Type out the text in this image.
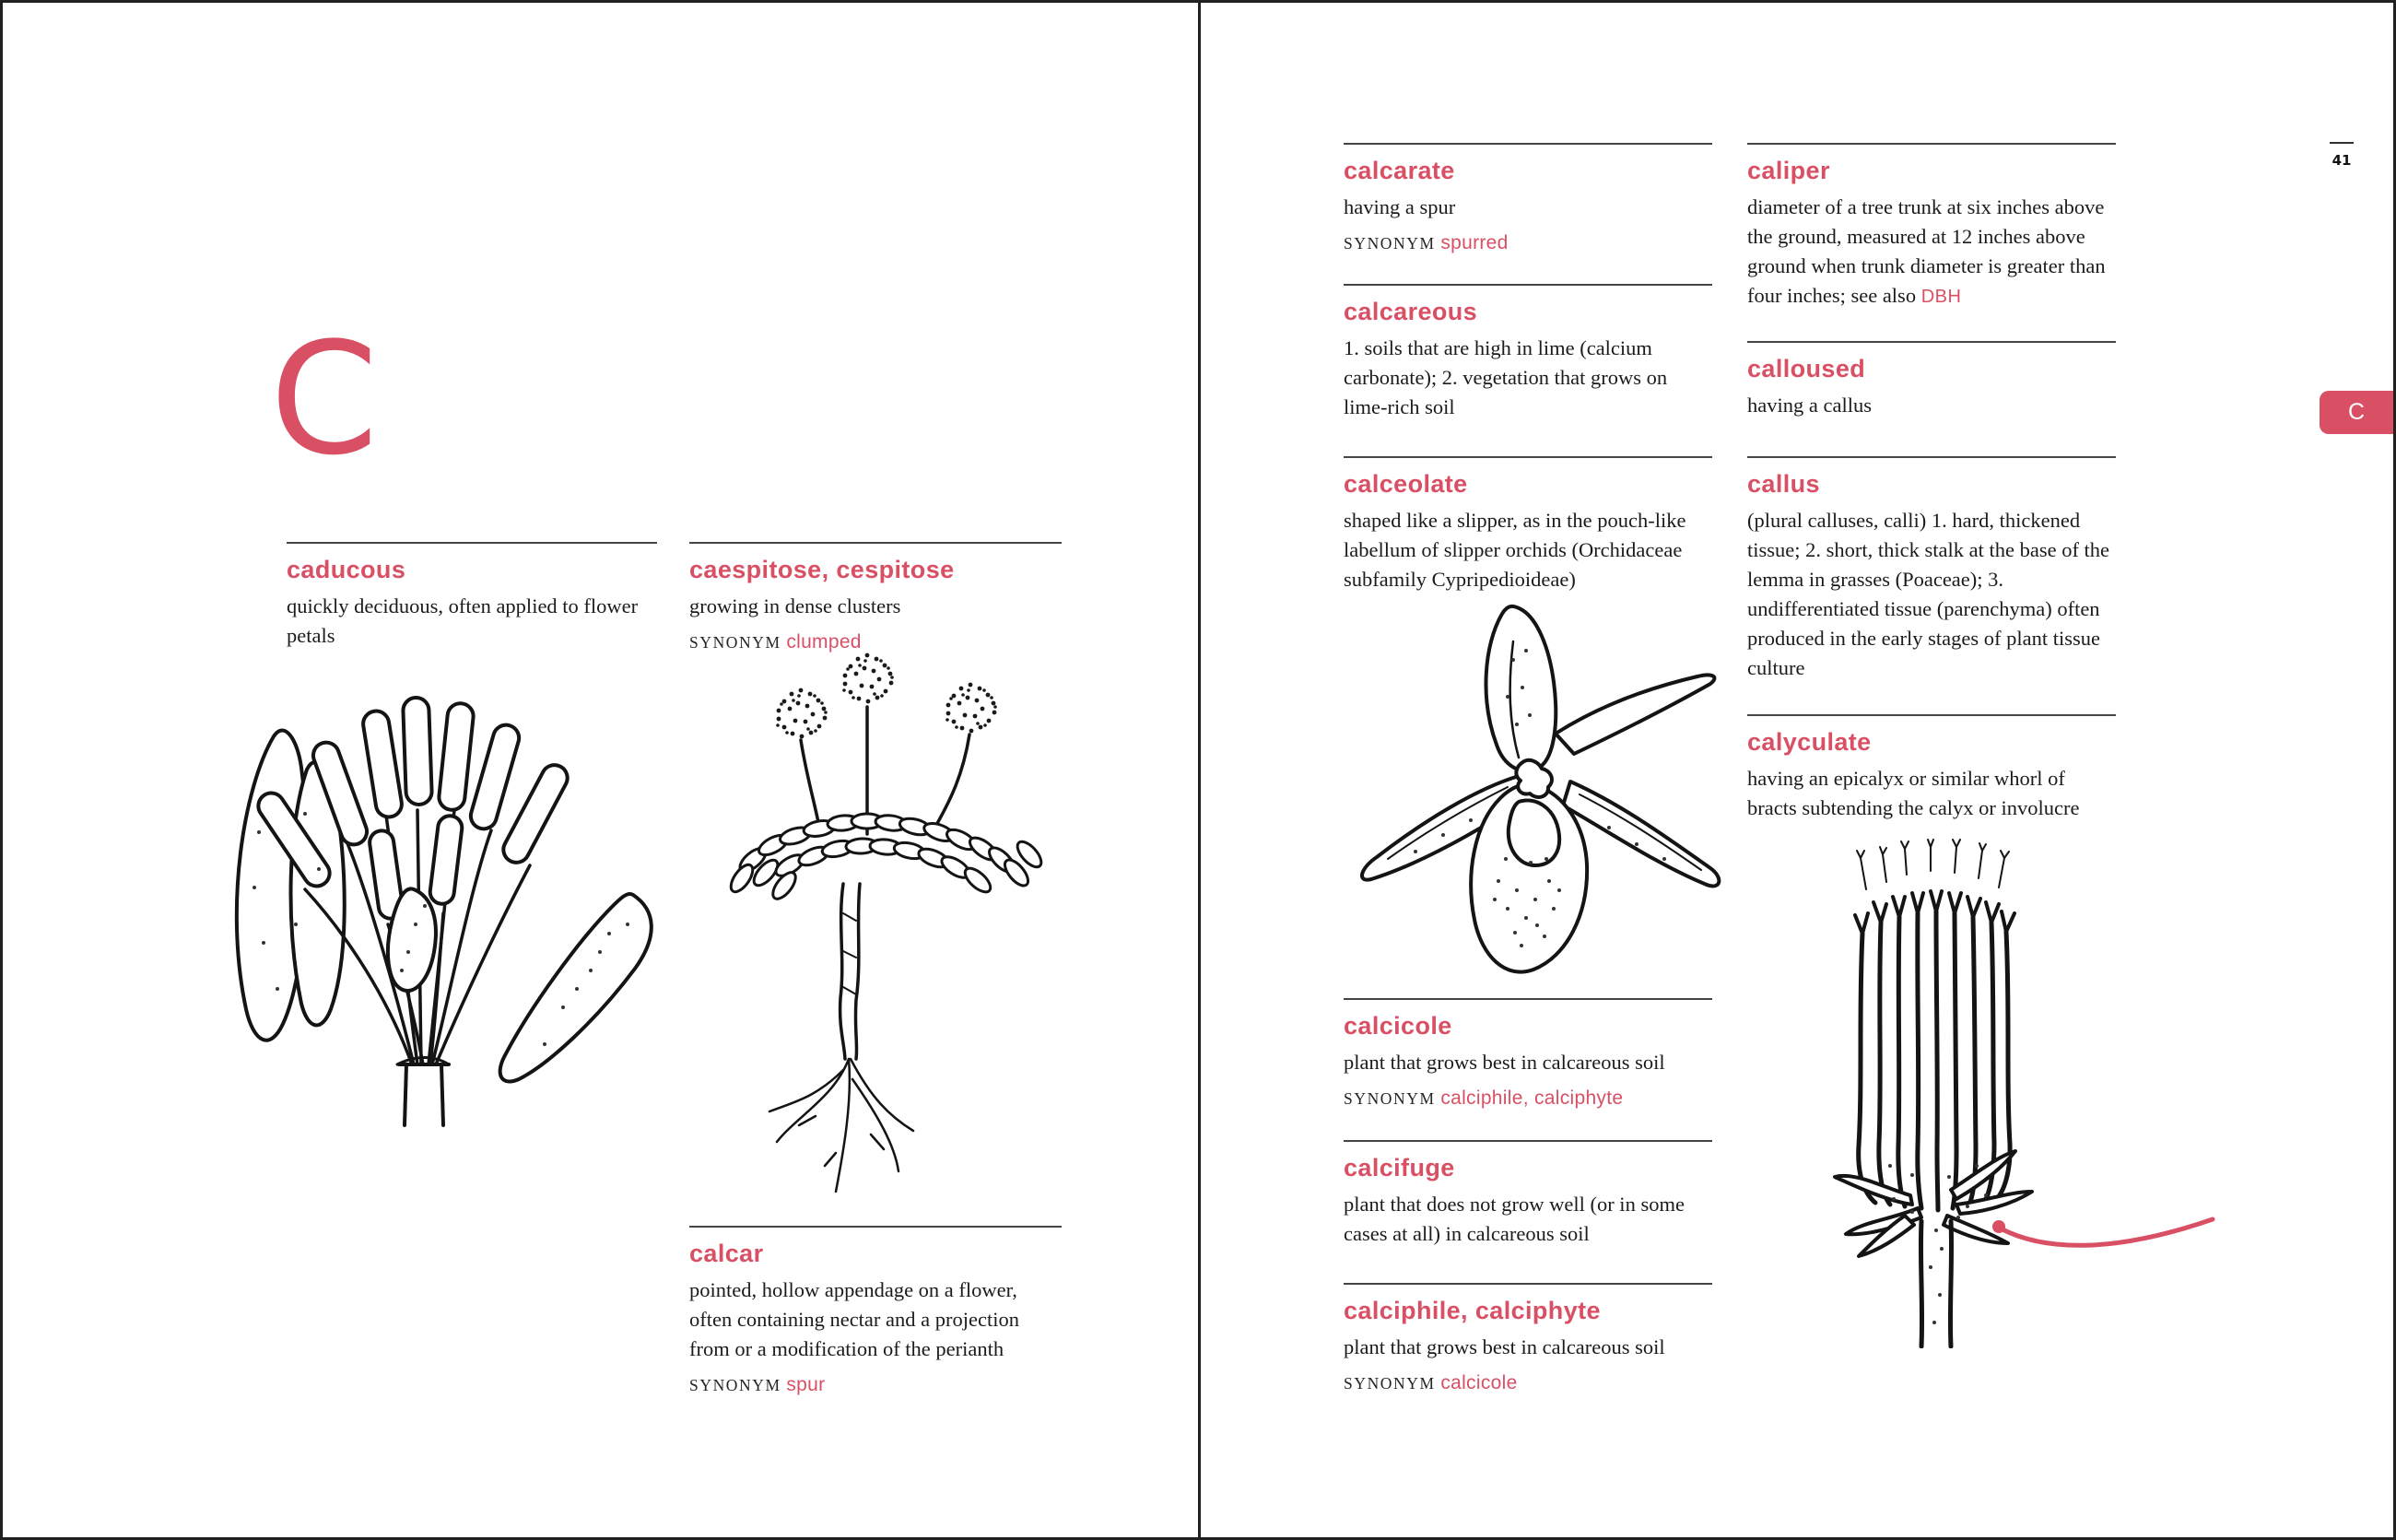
C
caducous

quickly deciduous, often applied to flower petals

caespitose, cespitose

growing in dense clusters

SYNONYM clumped

calcar

pointed, hollow appendage on a flower, often containing nectar and a projection from or a modification of the perianth

SYNONYM spur

calcarate

having a spur

SYNONYM spurred

calcareous

1. soils that are high in lime (calcium carbonate); 2. vegetation that grows on lime-rich soil

calceolate

shaped like a slipper, as in the pouch-like labellum of slipper orchids (Orchidaceae subfamily Cypripedioideae)

calcicole

plant that grows best in calcareous soil

SYNONYM calciphile, calciphyte

calcifuge

plant that does not grow well (or in some cases at all) in calcareous soil

calciphile, calciphyte

plant that grows best in calcareous soil

SYNONYM calcicole

caliper

diameter of a tree trunk at six inches above the ground, measured at 12 inches above ground when trunk diameter is greater than four inches; see also DBH

calloused

having a callus

callus

(plural calluses, calli) 1. hard, thickened tissue; 2. short, thick stalk at the base of the lemma in grasses (Poaceae); 3. undifferentiated tissue (parenchyma) often produced in the early stages of plant tissue culture

calyculate

having an epicalyx or similar whorl of bracts subtending the calyx or involucre

41
C
